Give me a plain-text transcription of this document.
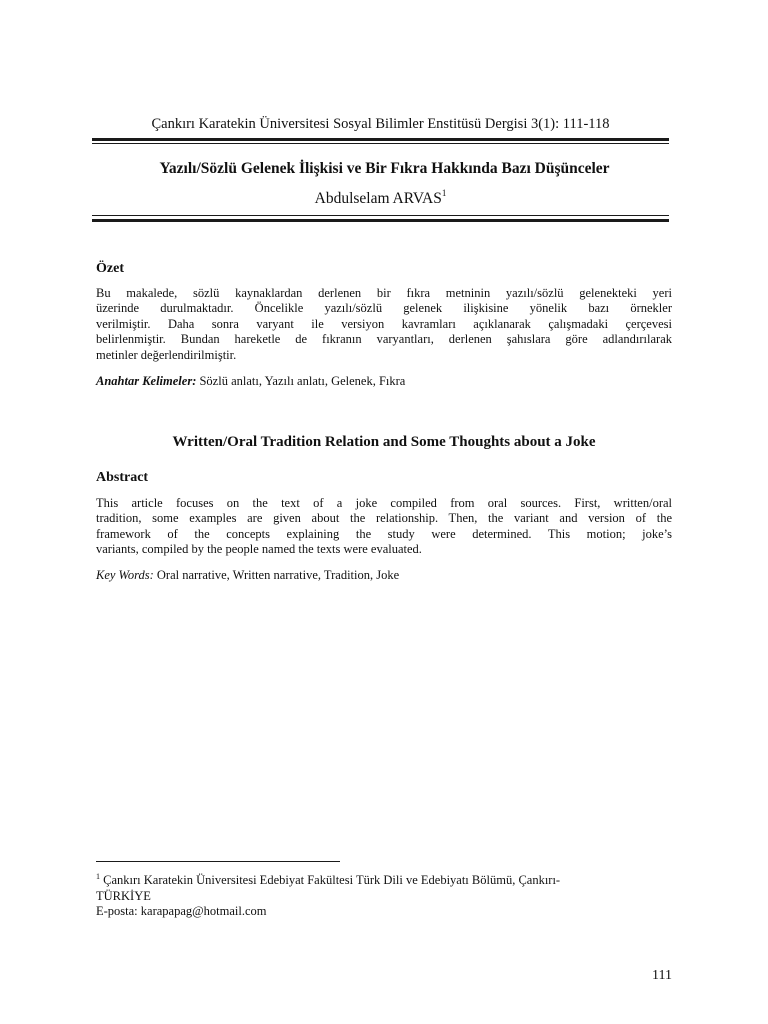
Çankırı Karatekin Üniversitesi Sosyal Bilimler Enstitüsü Dergisi 3(1): 111-118
Yazılı/Sözlü Gelenek İlişkisi ve Bir Fıkra Hakkında Bazı Düşünceler
Abdulselam ARVAS$^1$
Özet
Bu makalede, sözlü kaynaklardan derlenen bir fıkra metninin yazılı/sözlü gelenekteki yeri
üzerinde durulmaktadır. Öncelikle yazılı/sözlü gelenek ilişkisine yönelik bazı örnekler
verilmiştir. Daha sonra varyant ile versiyon kavramları açıklanarak çalışmadaki çerçevesi
belirlenmiştir. Bundan hareketle de fıkranın varyantları, derlenen şahıslara göre adlandırılarak
metinler değerlendirilmiştir.
Anahtar Kelimeler: Sözlü anlatı, Yazılı anlatı, Gelenek, Fıkra
Written/Oral Tradition Relation and Some Thoughts about a Joke
Abstract
This article focuses on the text of a joke compiled from oral sources. First, written/oral
tradition, some examples are given about the relationship. Then, the variant and version of the
framework of the concepts explaining the study were determined. This motion; joke’s
variants, compiled by the people named the texts were evaluated.
Key Words: Oral narrative, Written narrative, Tradition, Joke
$^1$ Çankırı Karatekin Üniversitesi Edebiyat Fakültesi Türk Dili ve Edebiyatı Bölümü, Çankırı-
TÜRKİYE
E-posta: karapapag@hotmail.com
111
